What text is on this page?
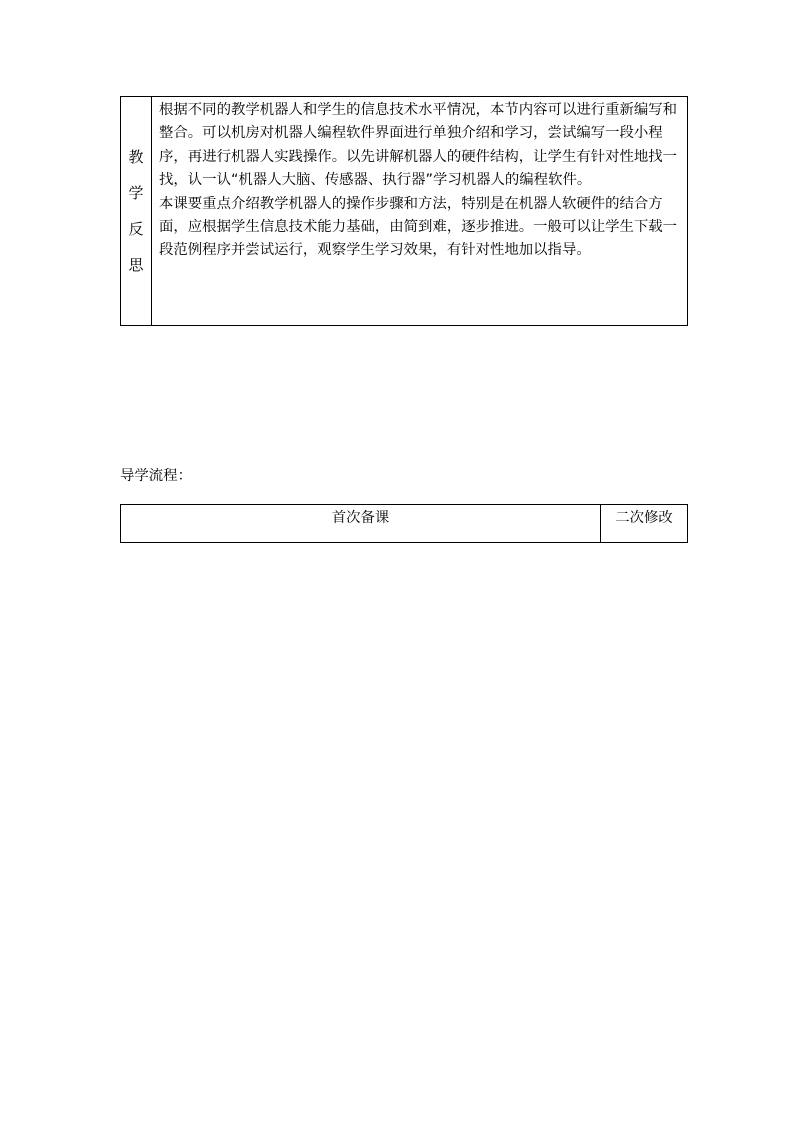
教
学
反
思

根据不同的教学机器人和学生的信息技术水平情况，本节内容可以进行重新编写和整合。可以机房对机器人编程软件界面进行单独介绍和学习，尝试编写一段小程序，再进行机器人实践操作。以先讲解机器人的硬件结构，让学生有针对性地找一找，认一认“机器人大脑、传感器、执行器”学习机器人的编程软件。

本课要重点介绍教学机器人的操作步骤和方法，特别是在机器人软硬件的结合方面，应根据学生信息技术能力基础，由简到难，逐步推进。一般可以让学生下载一段范例程序并尝试运行，观察学生学习效果，有针对性地加以指导。

导学流程：
首次备课	二次修改
